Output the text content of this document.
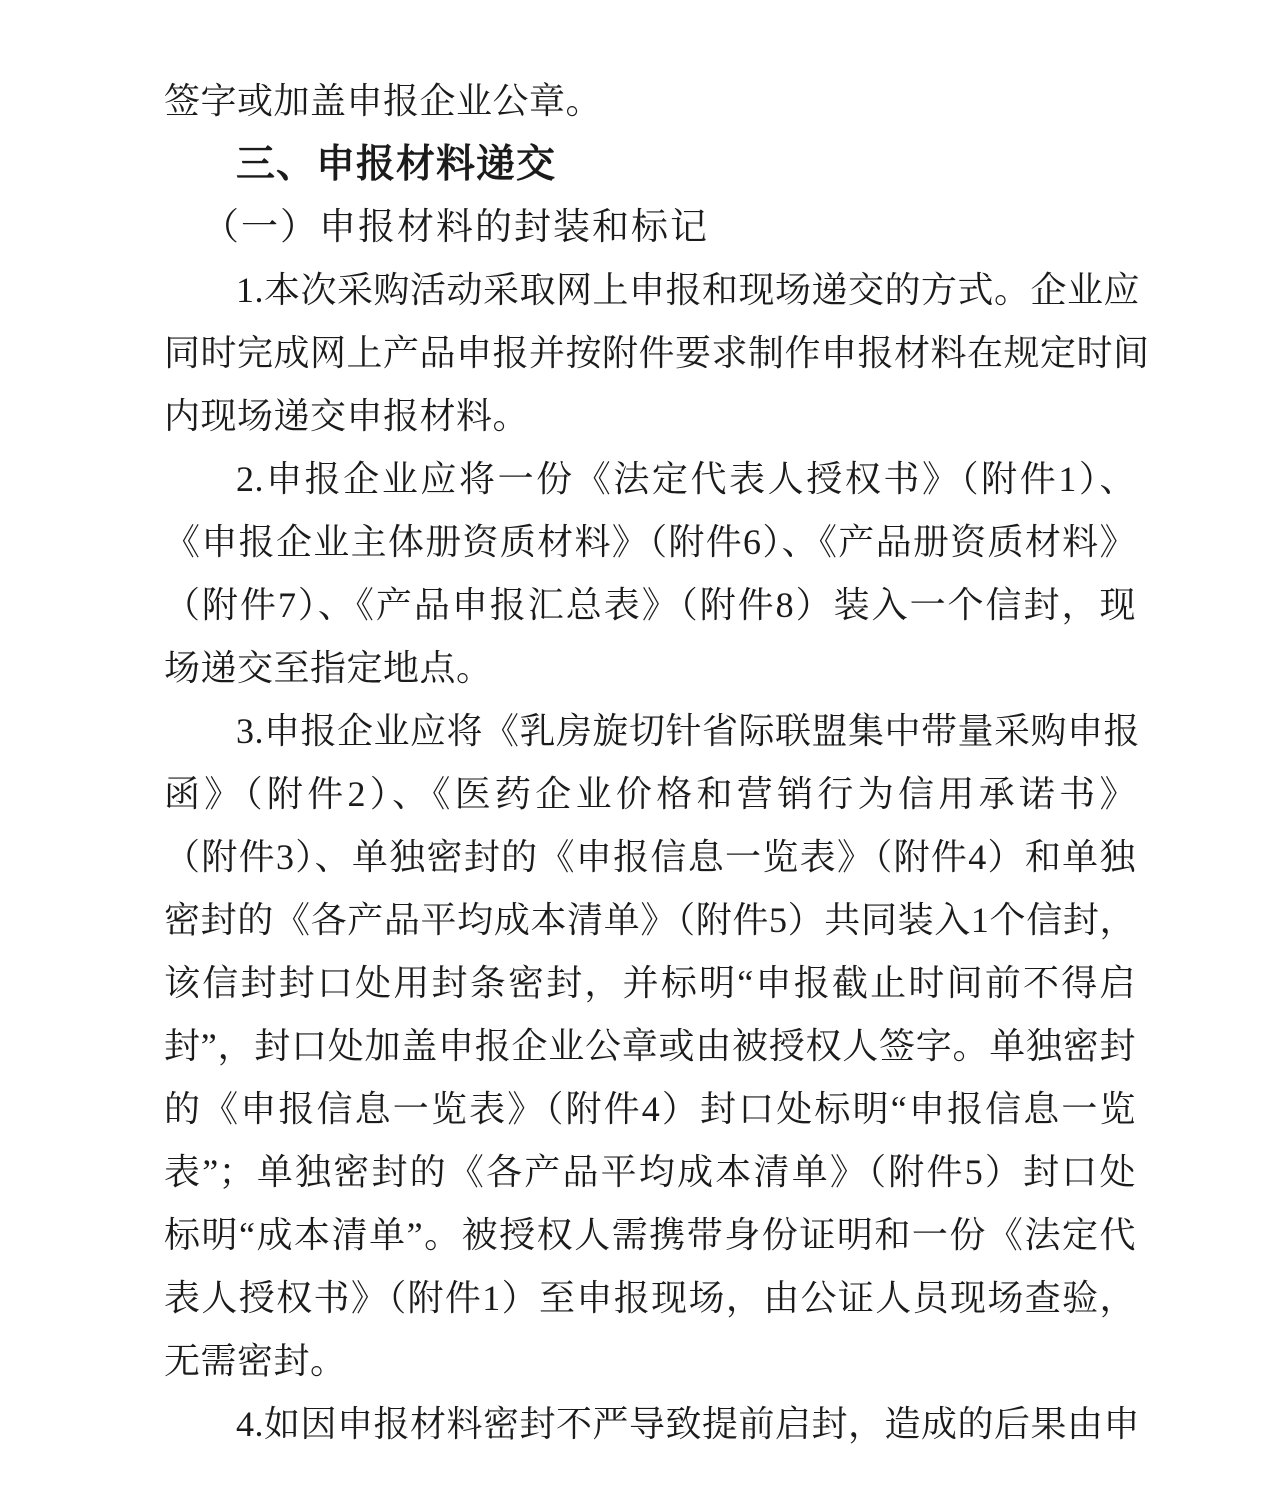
签字或加盖申报企业公章。
三、申报材料递交
（一）申报材料的封装和标记
1.本次采购活动采取网上申报和现场递交的方式。企业应
同时完成网上产品申报并按附件要求制作申报材料在规定时间
内现场递交申报材料。
2.申报企业应将一份《法定代表人授权书》（附件1）、
《申报企业主体册资质材料》（附件6）、《产品册资质材料》
（附件7）、《产品申报汇总表》（附件8）装入一个信封，现
场递交至指定地点。
3.申报企业应将《乳房旋切针省际联盟集中带量采购申报
函》（附件2）、《医药企业价格和营销行为信用承诺书》
（附件3）、单独密封的《申报信息一览表》（附件4）和单独
密封的《各产品平均成本清单》（附件5）共同装入1个信封，
该信封封口处用封条密封，并标明“申报截止时间前不得启
封”，封口处加盖申报企业公章或由被授权人签字。单独密封
的《申报信息一览表》（附件4）封口处标明“申报信息一览
表”；单独密封的《各产品平均成本清单》（附件5）封口处
标明“成本清单”。被授权人需携带身份证明和一份《法定代
表人授权书》（附件1）至申报现场，由公证人员现场查验，
无需密封。
4.如因申报材料密封不严导致提前启封，造成的后果由申
